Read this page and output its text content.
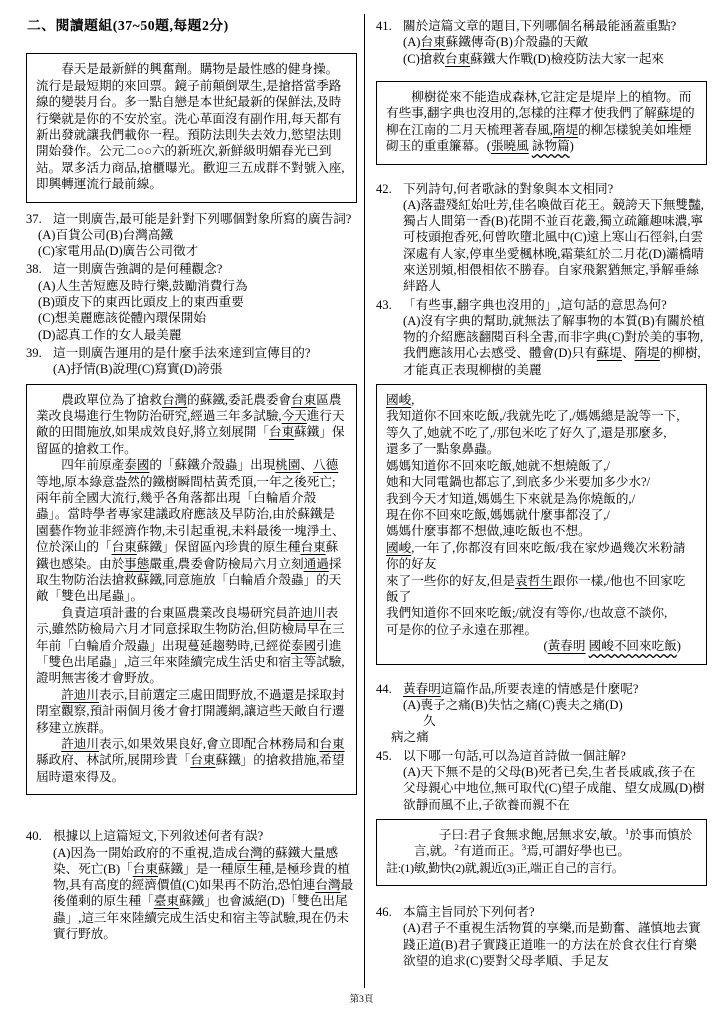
二、閱讀題組(37~50題,每題2分)

春天是最新鮮的興奮劑。購物是最性感的健身操。流行是最短期的來回票。鏡子前顛倒眾生,是搶搭當季路線的變裝月台。多一點自戀是本世紀最新的保鮮法,及時行樂就是你的不安於室。洗心革面沒有副作用,每天都有新出發就讓我們載你一程。預防法則失去效力,慾望法則開始發作。公元二○○六的新班次,新鮮級明媚春光已到站。眾多活力商品,搶櫃曝光。歡迎三五成群不對號入座,即興轉運流行最前線。

37. 這一則廣告,最可能是針對下列哪個對象所寫的廣告詞?
(A)百貨公司(B)台灣高鐵
(C)家電用品(D)廣告公司徵才
38. 這一則廣告強調的是何種觀念?
(A)人生苦短應及時行樂,鼓勵消費行為
(B)頭皮下的東西比頭皮上的東西重要
(C)想美麗應該從體內環保開始
(D)認真工作的女人最美麗
39. 這一則廣告運用的是什麼手法來達到宣傳目的?
(A)抒情(B)說理(C)寫實(D)誇張

農政單位為了搶救台灣的蘇鐵,委託農委會台東區農業改良場進行生物防治研究,經過三年多試驗,今天進行天敵的田間施放,如果成效良好,將立刻展開「台東蘇鐵」保留區的搶救工作。

四年前原產泰國的「蘇鐵介殼蟲」出現桃園、八德等地,原本綠意盎然的鐵樹瞬間枯黃禿頂,一年之後死亡;兩年前全國大流行,幾乎各角落都出現「白輪盾介殼蟲」。當時學者專家建議政府應該及早防治,由於蘇鐵是園藝作物並非經濟作物,未引起重視,未料最後一塊淨土、位於深山的「台東蘇鐵」保留區內珍貴的原生種台東蘇鐵也感染。由於事態嚴重,農委會防檢局六月立刻通過採取生物防治法搶救蘇鐵,同意施放「白輪盾介殼蟲」的天敵「雙色出尾蟲」。

負責這項計畫的台東區農業改良場研究員許迪川表示,雖然防檢局六月才同意採取生物防治,但防檢局早在三年前「白輪盾介殼蟲」出現蔓延趨勢時,已經從泰國引進「雙色出尾蟲」,這三年來陸續完成生活史和宿主等試驗,證明無害後才會野放。

許迪川表示,目前選定三處田間野放,不過還是採取封閉室觀察,預計兩個月後才會打開護網,讓這些天敵自行遷移建立族群。

許迪川表示,如果效果良好,會立即配合林務局和台東縣政府、林試所,展開珍貴「台東蘇鐵」的搶救措施,希望屆時還來得及。

40. 根據以上這篇短文,下列敘述何者有誤?
(A)因為一開始政府的不重視,造成台灣的蘇鐵大量感染、死亡(B)「台東蘇鐵」是一種原生種,是極珍貴的植物,具有高度的經濟價值(C)如果再不防治,恐怕連台灣最後僅剩的原生種「臺東蘇鐵」也會滅絕(D)「雙色出尾蟲」,這三年來陸續完成生活史和宿主等試驗,現在仍未實行野放。
41. 關於這篇文章的題目,下列哪個名稱最能涵蓋重點?
(A)台東蘇鐵傳奇(B)介殼蟲的天敵
(C)搶救台東蘇鐵大作戰(D)檢疫防法大家一起來

柳樹從來不能造成森林,它註定是堤岸上的植物。而有些事,翻字典也沒用的,怎樣的注釋才使我們了解蘇堤的柳在江南的二月天梳理著春風,隋堤的柳怎樣貌美如堆煙砌玉的重重簾幕。(張曉風 詠物篇)

42. 下列詩句,何者歌詠的對象與本文相同?
(A)落盡殘紅始吐芳,佳名喚做百花王。競誇天下無雙豔,獨占人間第一香(B)花開不並百花叢,獨立疏籬趣味濃,寧可枝頭抱香死,何曾吹墮北風中(C)遠上寒山石徑斜,白雲深處有人家,停車坐愛楓林晚,霜葉紅於二月花(D)灞橋晴來送別頻,相偎相依不勝春。自家飛絮猶無定,爭解垂絲絆路人
43. 「有些事,翻字典也沒用的」,這句話的意思為何?
(A)沒有字典的幫助,就無法了解事物的本質(B)有關於植物的介紹應該翻閱百科全書,而非字典(C)對於美的事物,我們應該用心去感受、體會(D)只有蘇堤、隋堤的柳樹,才能真正表現柳樹的美麗

國峻,

我知道你不回來吃飯,/我就先吃了,/媽媽總是說等一下,

等久了,她就不吃了,/那包米吃了好久了,還是那麼多,

還多了一點象鼻蟲。

媽媽知道你不回來吃飯,她就不想燒飯了,/

她和大同電鍋也都忘了,到底多少米要加多少水?/

我到今天才知道,媽媽生下來就是為你燒飯的,/

現在你不回來吃飯,媽媽就什麼事都沒了,/

媽媽什麼事都不想做,連吃飯也不想。

國峻,一年了,你都沒有回來吃飯/我在家炒過幾次米粉請你的好友

來了一些你的好友,但是袁哲生跟你一樣,/他也不回家吃飯了

我們知道你不回來吃飯;/就沒有等你,/也故意不談你,

可是你的位子永遠在那裡。

(黃春明 國峻不回來吃飯)

44. 黃春明這篇作品,所要表達的情感是什麼呢?
(A)喪子之痛(B)失怙之痛(C)喪夫之痛(D)
久
病之痛
45. 以下哪一句話,可以為這首詩做一個註解?
(A)天下無不是的父母(B)死者已矣,生者長戚戚,孩子在父母親心中地位,無可取代(C)望子成龍、望女成鳳(D)樹欲靜而風不止,子欲養而親不在

子曰:君子食無求飽,居無求安,敏。$^1$於事而慎於言,就。$^2$有道而正。$^3$焉,可謂好學也已。

註:(1)敏,勤快(2)就,親近(3)正,端正自己的言行。

46. 本篇主旨同於下列何者?
(A)君子不重視生活物質的享樂,而是勤奮、謹慎地去實踐正道(B)君子實踐正道唯一的方法在於食衣住行育樂欲望的追求(C)要對父母孝順、手足友
第3頁
